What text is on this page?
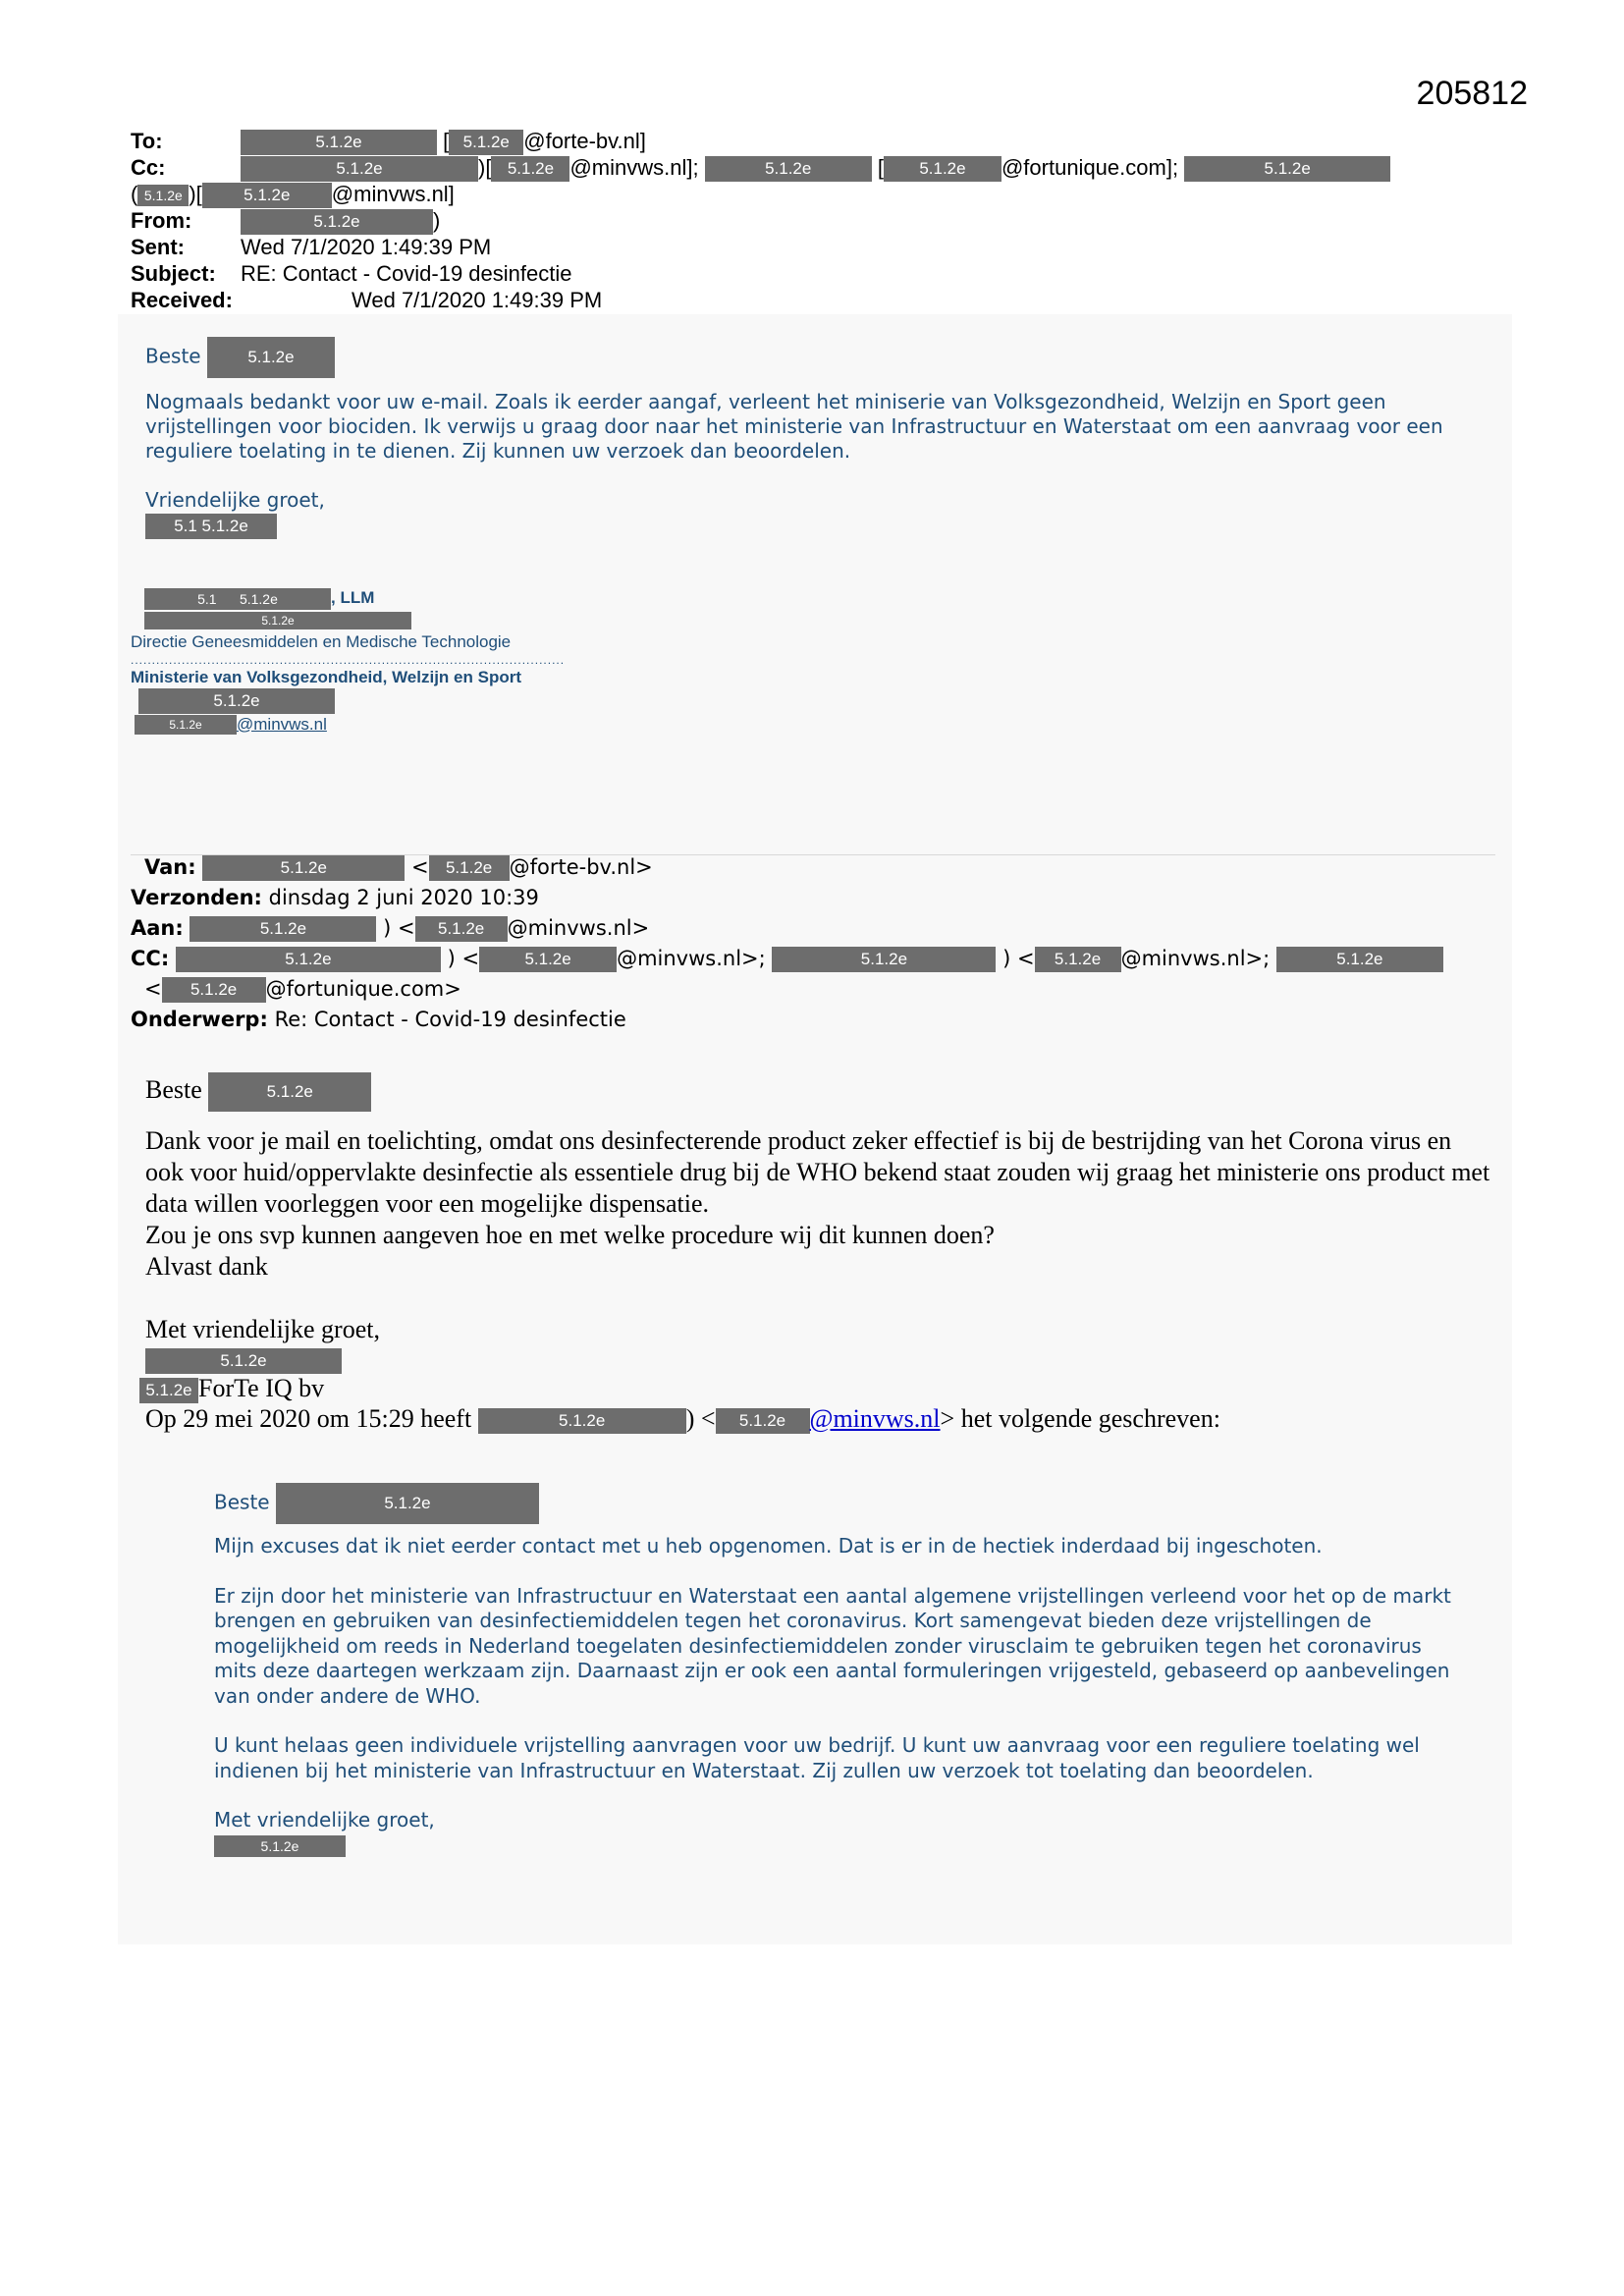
205812
To:	5.1.2e	[ 5.1.2e @forte-bv.nl]
Cc:	5.1.2e	)[ 5.1.2e @minvws.nl];	5.1.2e	[ 5.1.2e @fortunique.com];	5.1.2e
( 5.1.2e )[ 5.1.2e @minvws.nl]
From:	5.1.2e	)
Sent:	Wed 7/1/2020 1:49:39 PM
Subject: RE: Contact - Covid-19 desinfectie
Received:	Wed 7/1/2020 1:49:39 PM

Beste	5.1.2e

Nogmaals bedankt voor uw e-mail. Zoals ik eerder aangaf, verleent het miniserie van Volksgezondheid, Welzijn en Sport geen vrijstellingen voor biociden. Ik verwijs u graag door naar het ministerie van Infrastructuur en Waterstaat om een aanvraag voor een reguliere toelating in te dienen. Zij kunnen uw verzoek dan beoordelen.

Vriendelijke groet,

5.1 5.1.2e

5.1 5.1.2e	, LLM
5.1.2e
Directie Geneesmiddelen en Medische Technologie
......................................................................................................
Ministerie van Volksgezondheid, Welzijn en Sport
5.1.2e
5.1.2e @minvws.nl
Van:	5.1.2e	< 5.1.2e @forte-bv.nl>
Verzonden: dinsdag 2 juni 2020 10:39
Aan:	5.1.2e	) < 5.1.2e @minvws.nl>
CC:	5.1.2e	) <	5.1.2e @minvws.nl>;	5.1.2e	) < 5.1.2e @minvws.nl>;	5.1.2e
< 5.1.2e @fortunique.com>
Onderwerp: Re: Contact - Covid-19 desinfectie

Beste	5.1.2e

Dank voor je mail en toelichting, omdat ons desinfecterende product zeker effectief is bij de bestrijding van het Corona virus en ook voor huid/oppervlakte desinfectie als essentiele drug bij de WHO bekend staat zouden wij graag het ministerie ons product met data willen voorleggen voor een mogelijke dispensatie.

Zou je ons svp kunnen aangeven hoe en met welke procedure wij dit kunnen doen?

Alvast dank

Met vriendelijke groet,

5.1.2e

5.1.2e ForTe IQ bv

Op 29 mei 2020 om 15:29 heeft	5.1.2e	) < 5.1.2e @minvws.nl> het volgende geschreven:

Beste	5.1.2e

Mijn excuses dat ik niet eerder contact met u heb opgenomen. Dat is er in de hectiek inderdaad bij ingeschoten.

Er zijn door het ministerie van Infrastructuur en Waterstaat een aantal algemene vrijstellingen verleend voor het op de markt brengen en gebruiken van desinfectiemiddelen tegen het coronavirus. Kort samengevat bieden deze vrijstellingen de mogelijkheid om reeds in Nederland toegelaten desinfectiemiddelen zonder virusclaim te gebruiken tegen het coronavirus mits deze daartegen werkzaam zijn. Daarnaast zijn er ook een aantal formuleringen vrijgesteld, gebaseerd op aanbevelingen van onder andere de WHO.

U kunt helaas geen individuele vrijstelling aanvragen voor uw bedrijf. U kunt uw aanvraag voor een reguliere toelating wel indienen bij het ministerie van Infrastructuur en Waterstaat. Zij zullen uw verzoek tot toelating dan beoordelen.

Met vriendelijke groet,

5.1.2e
